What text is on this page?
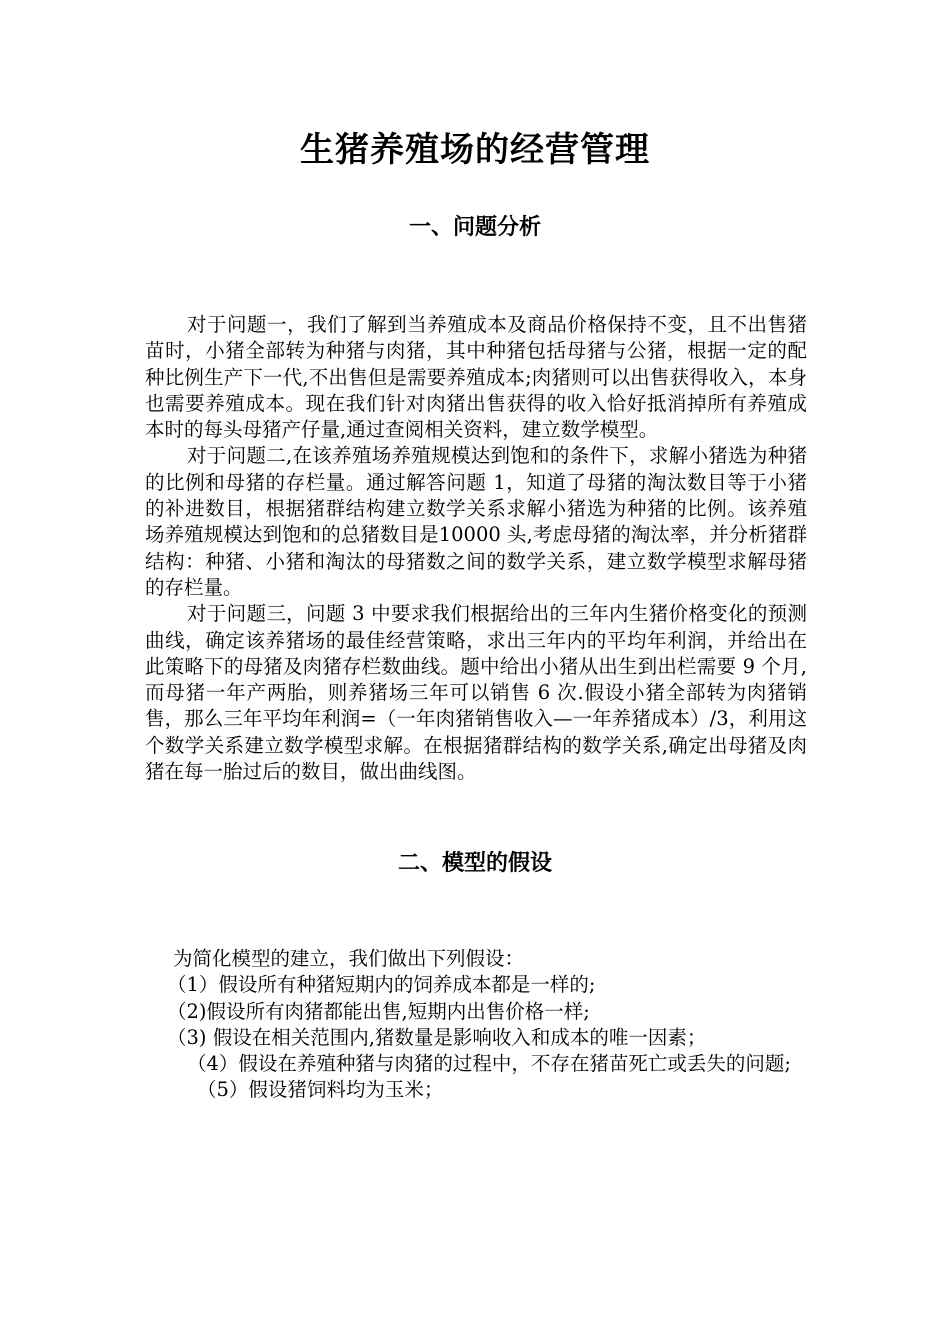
生猪养殖场的经营管理
一、问题分析

对于问题一，我们了解到当养殖成本及商品价格保持不变，且不出售猪苗时，小猪全部转为种猪与肉猪，其中种猪包括母猪与公猪，根据一定的配种比例生产下一代,不出售但是需要养殖成本;肉猪则可以出售获得收入，本身也需要养殖成本。现在我们针对肉猪出售获得的收入恰好抵消掉所有养殖成本时的每头母猪产仔量,通过查阅相关资料，建立数学模型。

对于问题二,在该养殖场养殖规模达到饱和的条件下，求解小猪选为种猪的比例和母猪的存栏量。通过解答问题 1，知道了母猪的淘汰数目等于小猪的补进数目，根据猪群结构建立数学关系求解小猪选为种猪的比例。该养殖场养殖规模达到饱和的总猪数目是10000 头,考虑母猪的淘汰率，并分析猪群结构：种猪、小猪和淘汰的母猪数之间的数学关系，建立数学模型求解母猪的存栏量。

对于问题三，问题 3 中要求我们根据给出的三年内生猪价格变化的预测曲线，确定该养猪场的最佳经营策略，求出三年内的平均年利润，并给出在此策略下的母猪及肉猪存栏数曲线。题中给出小猪从出生到出栏需要 9 个月,而母猪一年产两胎，则养猪场三年可以销售 6 次.假设小猪全部转为肉猪销售，那么三年平均年利润=（一年肉猪销售收入—一年养猪成本）/3，利用这个数学关系建立数学模型求解。在根据猪群结构的数学关系,确定出母猪及肉猪在每一胎过后的数目，做出曲线图。

二、模型的假设

为简化模型的建立，我们做出下列假设：

（1）假设所有种猪短期内的饲养成本都是一样的;

（2)假设所有肉猪都能出售,短期内出售价格一样;

（3) 假设在相关范围内,猪数量是影响收入和成本的唯一因素；

（4）假设在养殖种猪与肉猪的过程中，不存在猪苗死亡或丢失的问题;

（5）假设猪饲料均为玉米；
